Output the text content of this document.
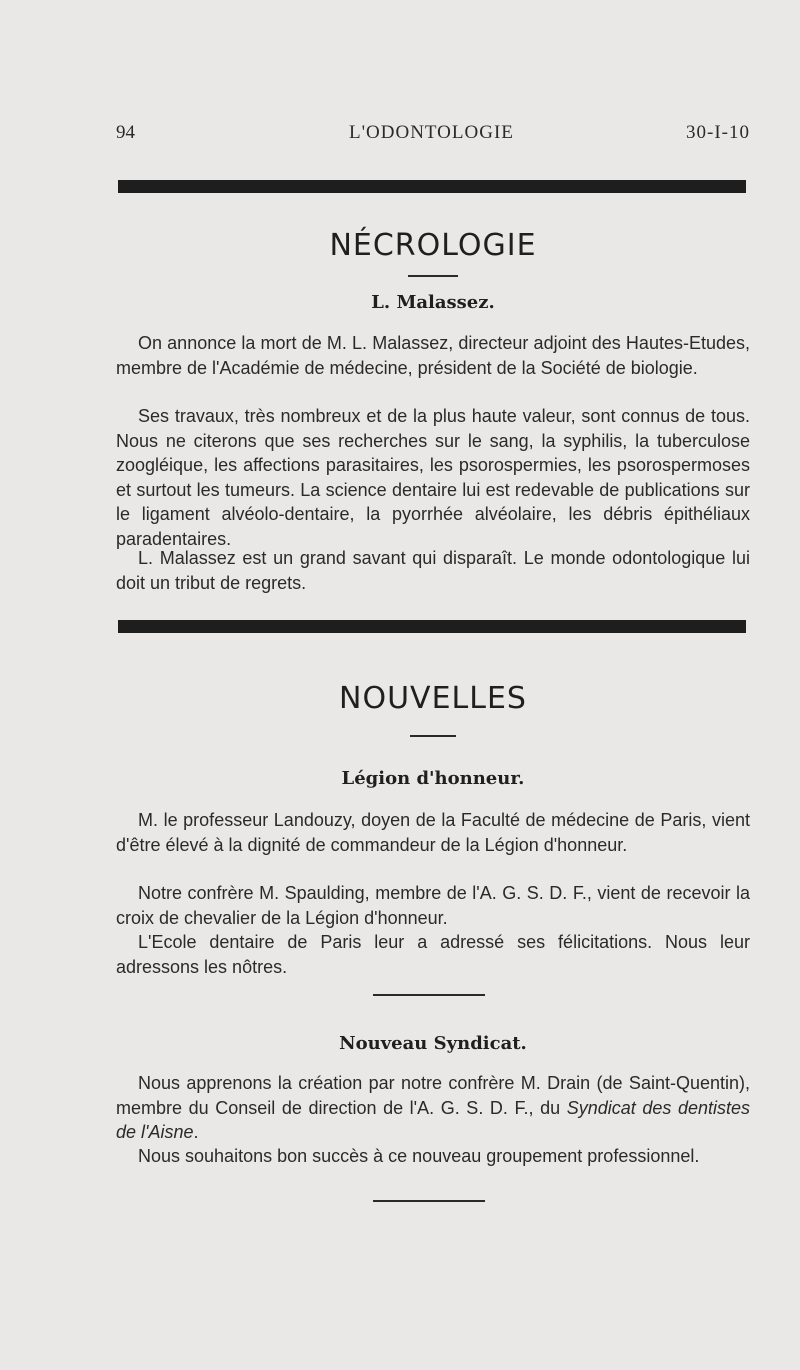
94	L'ODONTOLOGIE	30-I-10
NÉCROLOGIE
L. Malassez.

On annonce la mort de M. L. Malassez, directeur adjoint des Hautes-Etudes, membre de l'Académie de médecine, président de la Société de biologie.

Ses travaux, très nombreux et de la plus haute valeur, sont connus de tous. Nous ne citerons que ses recherches sur le sang, la syphilis, la tuberculose zoogléique, les affections parasitaires, les psorospermies, les psorospermoses et surtout les tumeurs. La science dentaire lui est redevable de publications sur le ligament alvéolo-dentaire, la pyorrhée alvéolaire, les débris épithéliaux paradentaires.

L. Malassez est un grand savant qui disparaît. Le monde odontologique lui doit un tribut de regrets.

NOUVELLES
Légion d'honneur.

M. le professeur Landouzy, doyen de la Faculté de médecine de Paris, vient d'être élevé à la dignité de commandeur de la Légion d'honneur.

Notre confrère M. Spaulding, membre de l'A. G. S. D. F., vient de recevoir la croix de chevalier de la Légion d'honneur.

L'Ecole dentaire de Paris leur a adressé ses félicitations. Nous leur adressons les nôtres.

Nouveau Syndicat.

Nous apprenons la création par notre confrère M. Drain (de Saint-Quentin), membre du Conseil de direction de l'A. G. S. D. F., du Syndicat des dentistes de l'Aisne.

Nous souhaitons bon succès à ce nouveau groupement professionnel.
